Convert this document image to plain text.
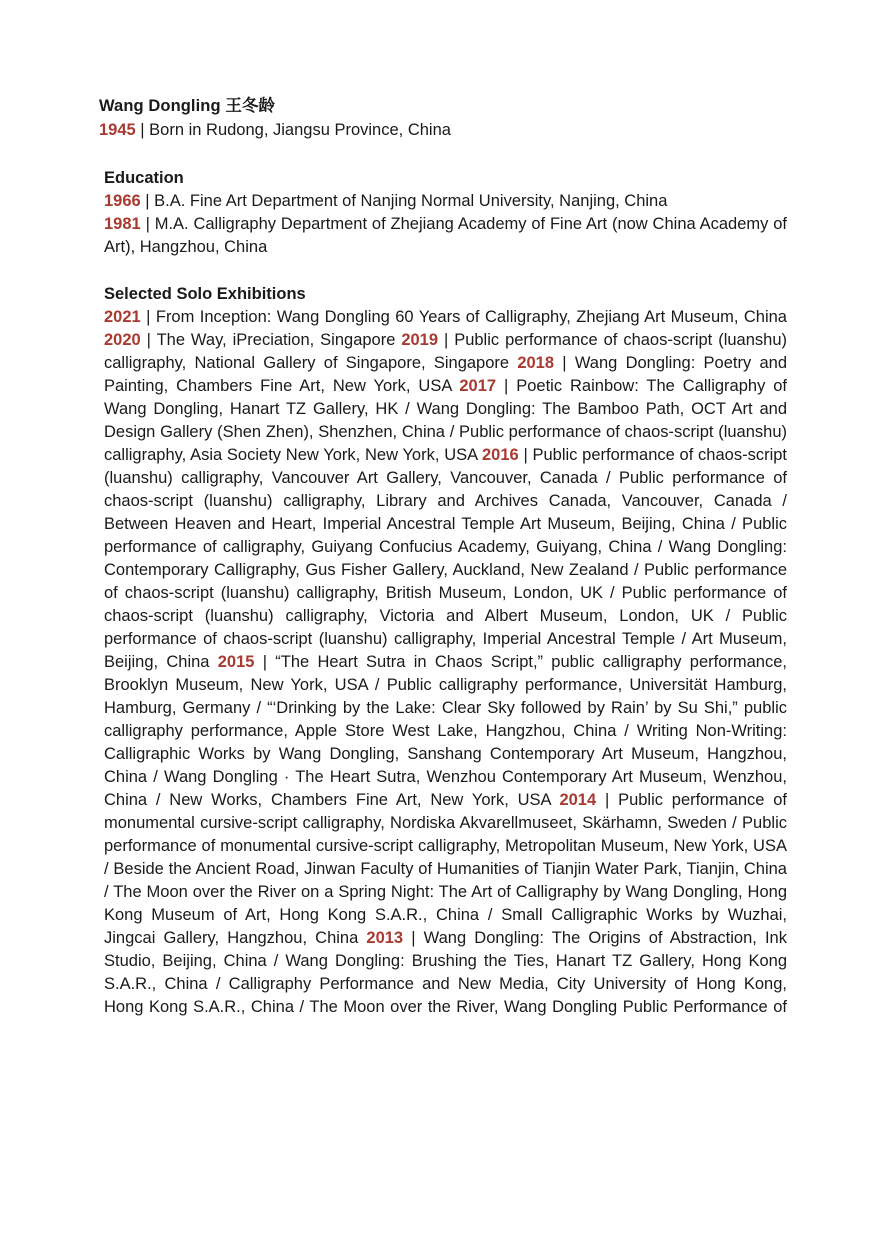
Wang Dongling 王冬龄
1945 | Born in Rudong, Jiangsu Province, China
Education
1966 | B.A. Fine Art Department of Nanjing Normal University, Nanjing, China
1981 | M.A. Calligraphy Department of Zhejiang Academy of Fine Art (now China Academy of Art), Hangzhou, China
Selected Solo Exhibitions

2021 | From Inception: Wang Dongling 60 Years of Calligraphy, Zhejiang Art Museum, China 2020 | The Way, iPreciation, Singapore 2019 | Public performance of chaos-script (luanshu) calligraphy, National Gallery of Singapore, Singapore 2018 | Wang Dongling: Poetry and Painting, Chambers Fine Art, New York, USA 2017 | Poetic Rainbow: The Calligraphy of Wang Dongling, Hanart TZ Gallery, HK / Wang Dongling: The Bamboo Path, OCT Art and Design Gallery (Shen Zhen), Shenzhen, China / Public performance of chaos-script (luanshu) calligraphy, Asia Society New York, New York, USA 2016 | Public performance of chaos-script (luanshu) calligraphy, Vancouver Art Gallery, Vancouver, Canada / Public performance of chaos-script (luanshu) calligraphy, Library and Archives Canada, Vancouver, Canada / Between Heaven and Heart, Imperial Ancestral Temple Art Museum, Beijing, China / Public performance of calligraphy, Guiyang Confucius Academy, Guiyang, China / Wang Dongling: Contemporary Calligraphy, Gus Fisher Gallery, Auckland, New Zealand / Public performance of chaos-script (luanshu) calligraphy, British Museum, London, UK / Public performance of chaos-script (luanshu) calligraphy, Victoria and Albert Museum, London, UK / Public performance of chaos-script (luanshu) calligraphy, Imperial Ancestral Temple / Art Museum, Beijing, China 2015 | “The Heart Sutra in Chaos Script,” public calligraphy performance, Brooklyn Museum, New York, USA / Public calligraphy performance, Universität Hamburg, Hamburg, Germany / “‘Drinking by the Lake: Clear Sky followed by Rain’ by Su Shi,” public calligraphy performance, Apple Store West Lake, Hangzhou, China / Writing Non-Writing: Calligraphic Works by Wang Dongling, Sanshang Contemporary Art Museum, Hangzhou, China / Wang Dongling · The Heart Sutra, Wenzhou Contemporary Art Museum, Wenzhou, China / New Works, Chambers Fine Art, New York, USA 2014 | Public performance of monumental cursive-script calligraphy, Nordiska Akvarellmuseet, Skärhamn, Sweden / Public performance of monumental cursive-script calligraphy, Metropolitan Museum, New York, USA / Beside the Ancient Road, Jinwan Faculty of Humanities of Tianjin Water Park, Tianjin, China / The Moon over the River on a Spring Night: The Art of Calligraphy by Wang Dongling, Hong Kong Museum of Art, Hong Kong S.A.R., China / Small Calligraphic Works by Wuzhai, Jingcai Gallery, Hangzhou, China 2013 | Wang Dongling: The Origins of Abstraction, Ink Studio, Beijing, China / Wang Dongling: Brushing the Ties, Hanart TZ Gallery, Hong Kong S.A.R., China / Calligraphy Performance and New Media, City University of Hong Kong, Hong Kong S.A.R., China / The Moon over the River, Wang Dongling Public Performance of
